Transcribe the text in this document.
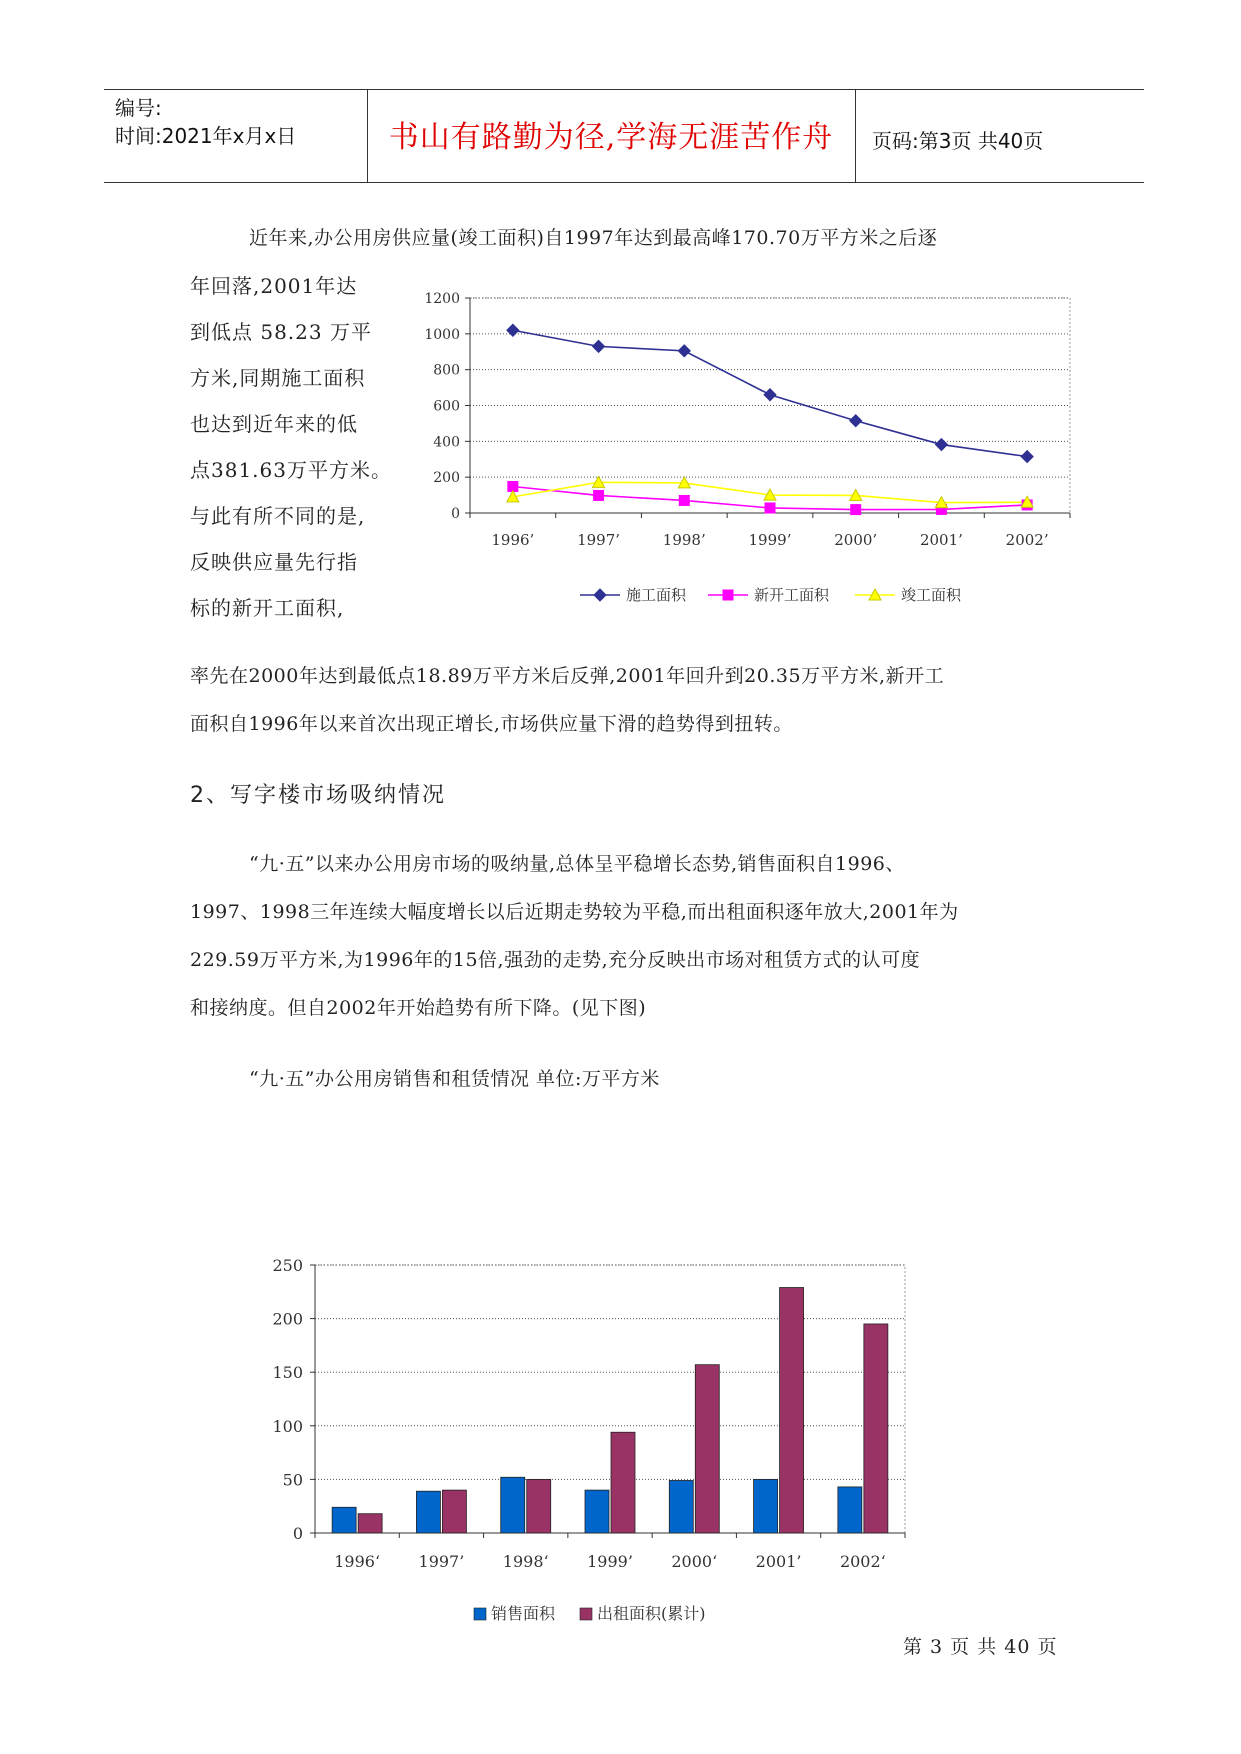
编号:
时间:2021年x月x日	书山有路勤为径,学海无涯苦作舟	页码:第3页 共40页
近年来,办公用房供应量(竣工面积)自1997年达到最高峰170.70万平方米之后逐
年回落,2001年达
到低点 58.23 万平
方米,同期施工面积
也达到近年来的低
点381.63万平方米。
与此有所不同的是,
反映供应量先行指
标的新开工面积,
0
200
400
600
800
1000
1200
1996’	1997’	1998’	1999’	2000’	2001’	2002’
施工面积	新开工面积	竣工面积
率先在2000年达到最低点18.89万平方米后反弹,2001年回升到20.35万平方米,新开工
面积自1996年以来首次出现正增长,市场供应量下滑的趋势得到扭转。
2、写字楼市场吸纳情况
“九·五”以来办公用房市场的吸纳量,总体呈平稳增长态势,销售面积自1996、
1997、1998三年连续大幅度增长以后近期走势较为平稳,而出租面积逐年放大,2001年为
229.59万平方米,为1996年的15倍,强劲的走势,充分反映出市场对租赁方式的认可度
和接纳度。但自2002年开始趋势有所下降。(见下图)
“九·五”办公用房销售和租赁情况 单位:万平方米
0
50
100
150
200
250
1996‘ 1997’ 1998‘ 1999’ 2000‘ 2001’ 2002‘
销售面积	出租面积(累计)
第 3 页 共 40 页
